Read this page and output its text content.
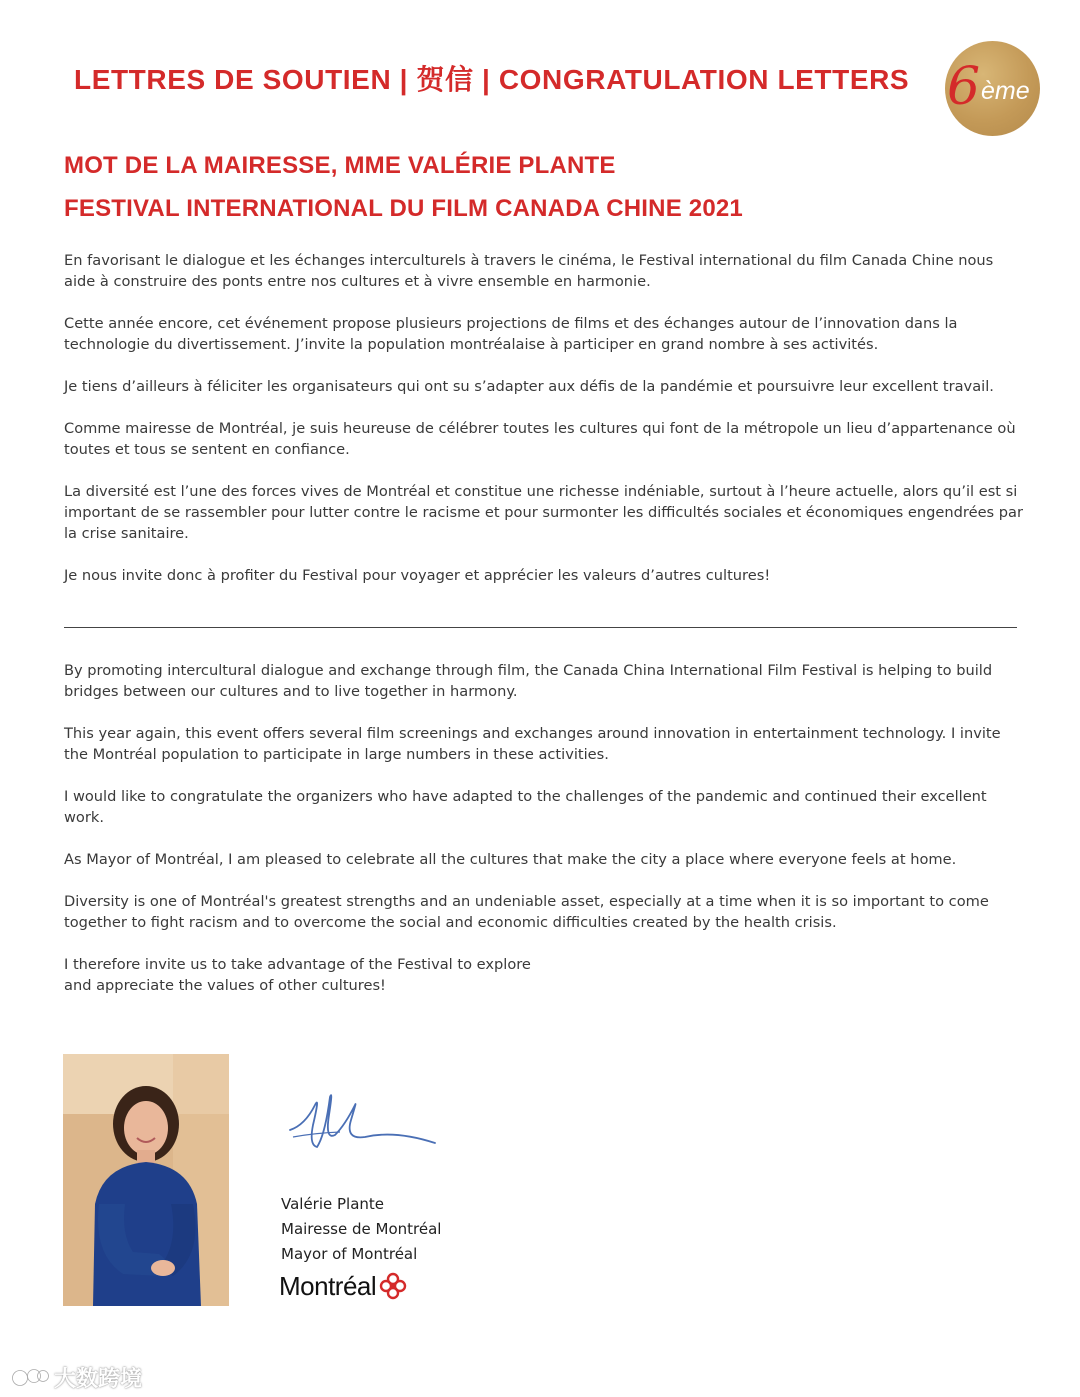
LETTRES DE SOUTIEN | 贺信 | CONGRATULATION LETTERS 6 ème
MOT DE LA MAIRESSE, MME VALÉRIE PLANTE
FESTIVAL INTERNATIONAL DU FILM CANADA CHINE 2021

En favorisant le dialogue et les échanges interculturels à travers le cinéma, le Festival international du film Canada Chine nous aide à construire des ponts entre nos cultures et à vivre ensemble en harmonie.

Cette année encore, cet événement propose plusieurs projections de films et des échanges autour de l’innovation dans la technologie du divertissement. J’invite la population montréalaise à participer en grand nombre à ses activités.

Je tiens d’ailleurs à féliciter les organisateurs qui ont su s’adapter aux défis de la pandémie et poursuivre leur excellent travail.

Comme mairesse de Montréal, je suis heureuse de célébrer toutes les cultures qui font de la métropole un lieu d’appartenance où toutes et tous se sentent en confiance.

La diversité est l’une des forces vives de Montréal et constitue une richesse indéniable, surtout à l’heure actuelle, alors qu’il est si important de se rassembler pour lutter contre le racisme et pour surmonter les difficultés sociales et économiques engendrées par la crise sanitaire.

Je nous invite donc à profiter du Festival pour voyager et apprécier les valeurs d’autres cultures!

By promoting intercultural dialogue and exchange through film, the Canada China International Film Festival is helping to build bridges between our cultures and to live together in harmony.

This year again, this event offers several film screenings and exchanges around innovation in entertainment technology. I invite the Montréal population to participate in large numbers in these activities.

I would like to congratulate the organizers who have adapted to the challenges of the pandemic and continued their excellent work.

As Mayor of Montréal, I am pleased to celebrate all the cultures that make the city a place where everyone feels at home.

Diversity is one of Montréal's greatest strengths and an undeniable asset, especially at a time when it is so important to come together to fight racism and to overcome the social and economic difficulties created by the health crisis.

I therefore invite us to take advantage of the Festival to explore
and appreciate the values of other cultures!

Valérie Plante
Mairesse de Montréal
Mayor of Montréal
Montréal
大数跨境
